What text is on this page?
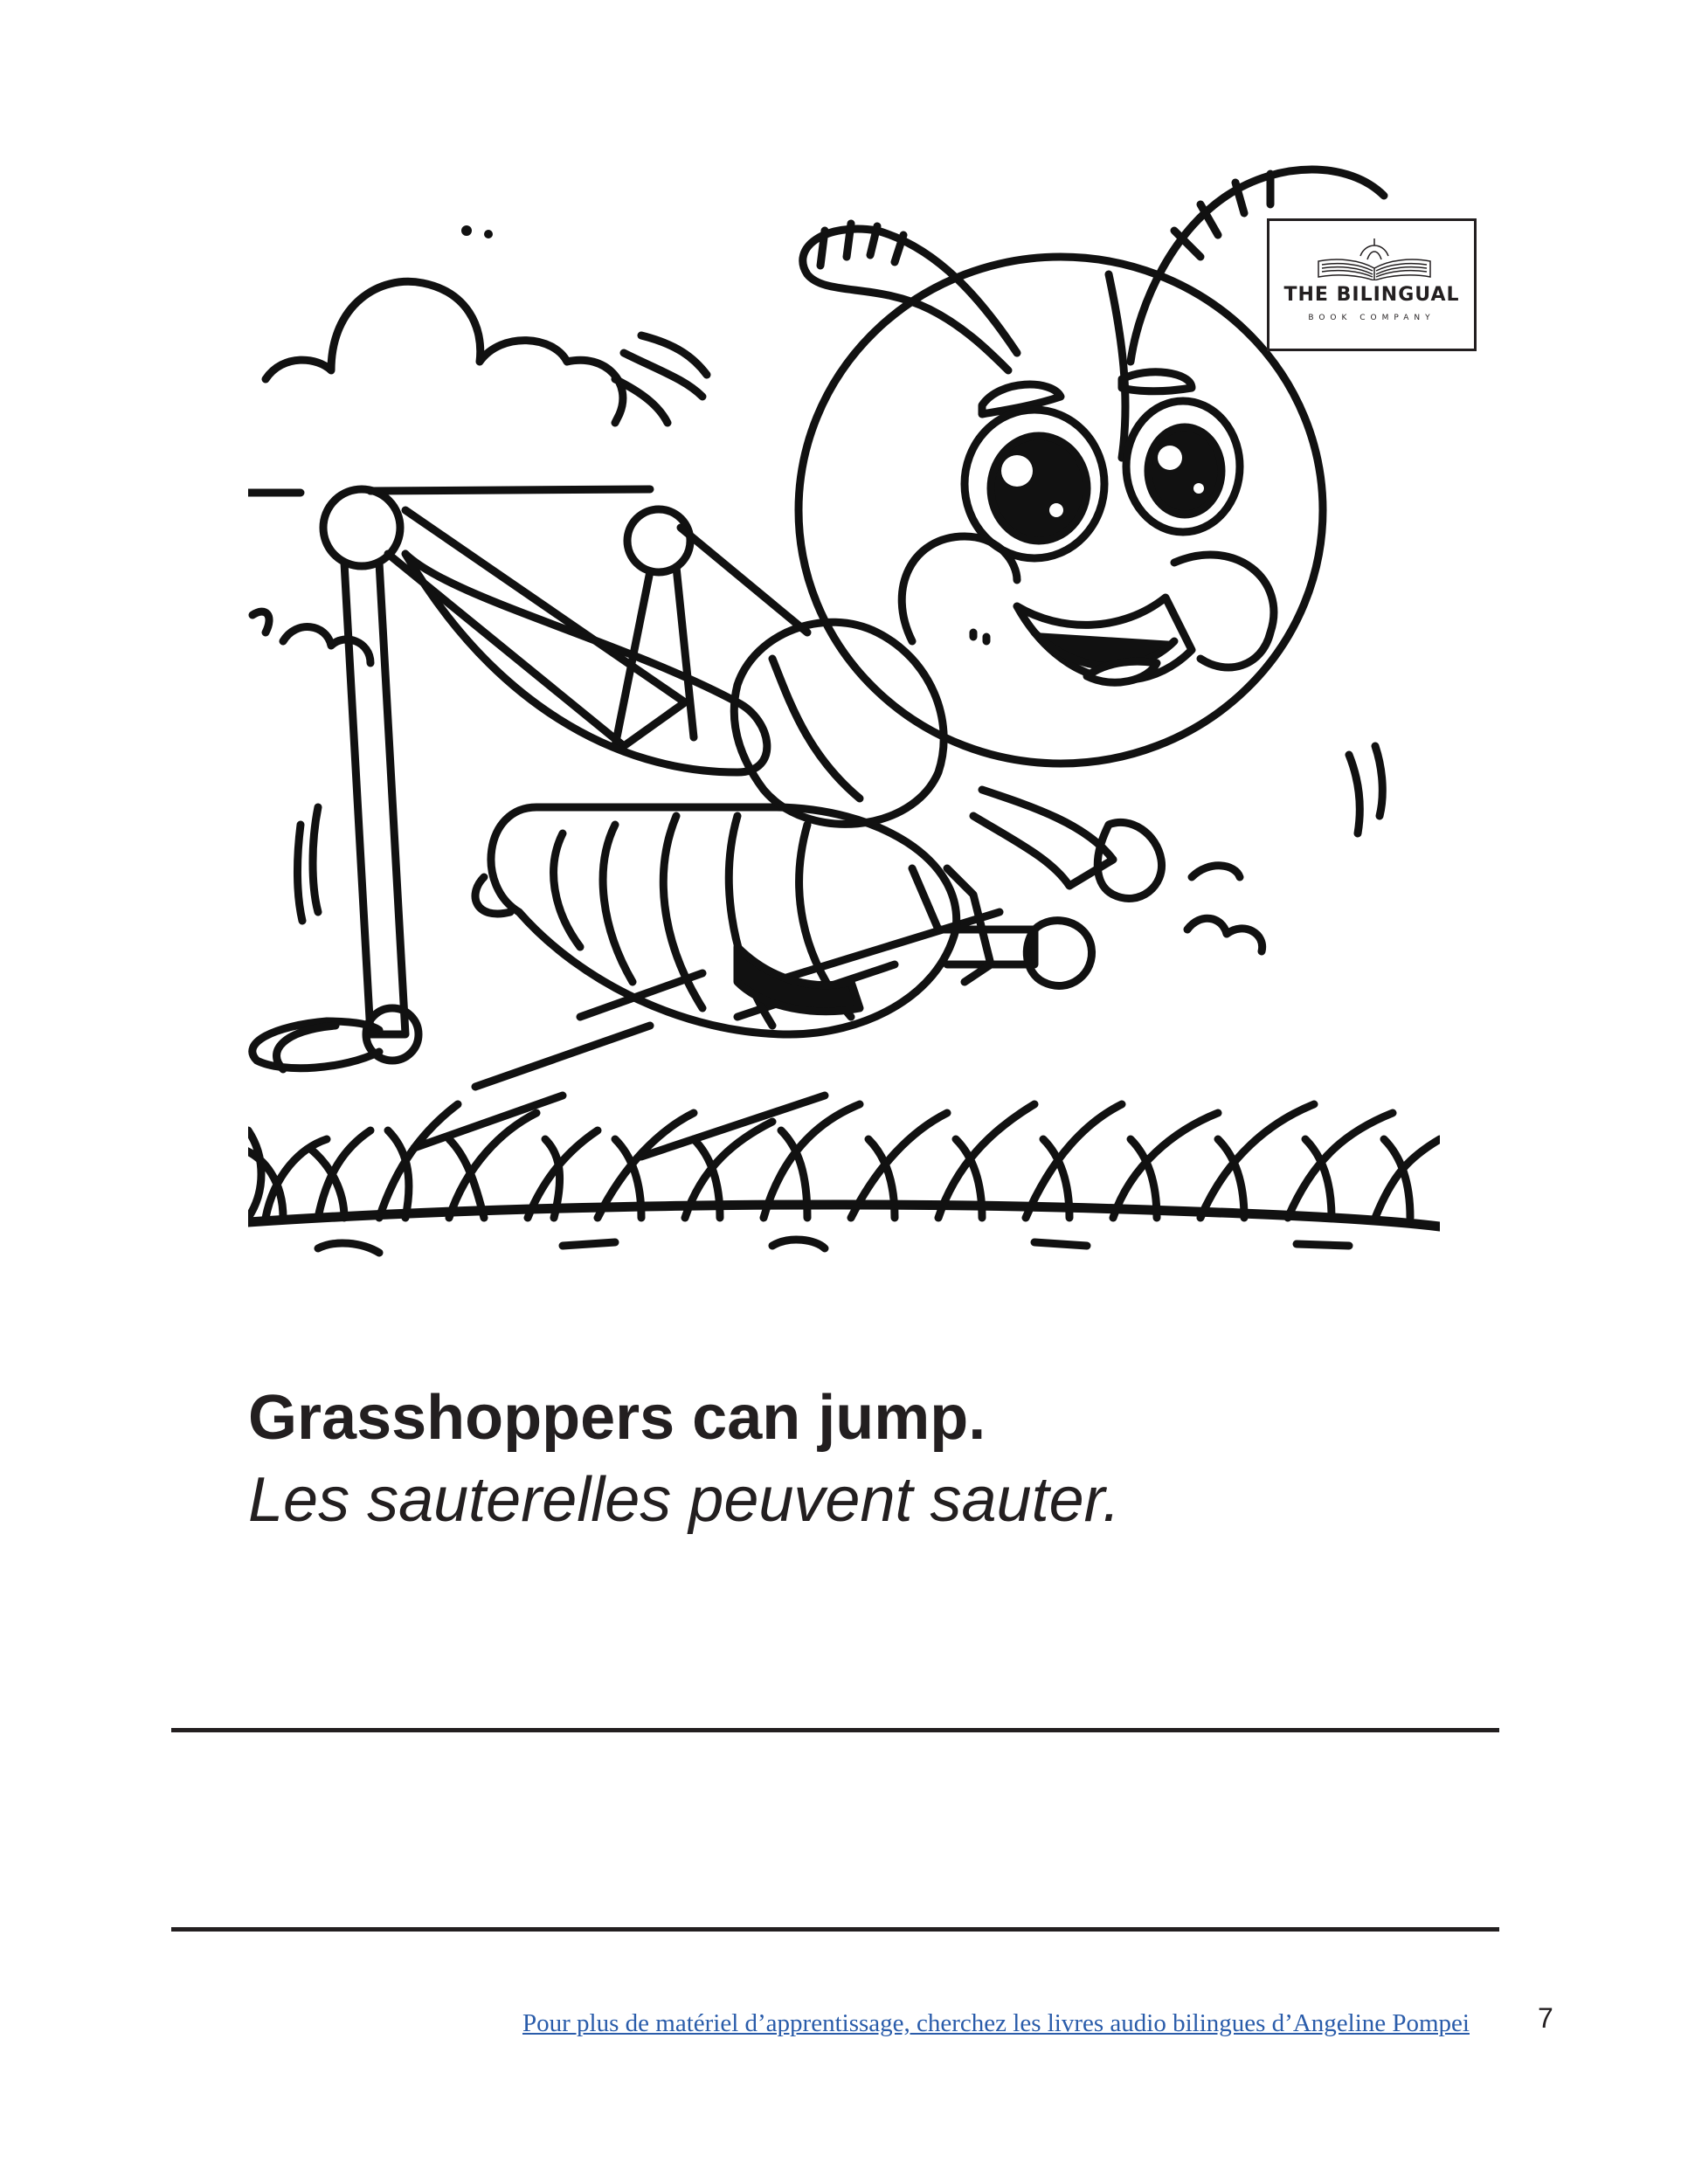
THE BILINGUAL
BOOK COMPANY
Grasshoppers can jump.
Les sauterelles peuvent sauter.
Pour plus de matériel d’apprentissage, cherchez les livres audio bilingues d’Angeline Pompei 7
